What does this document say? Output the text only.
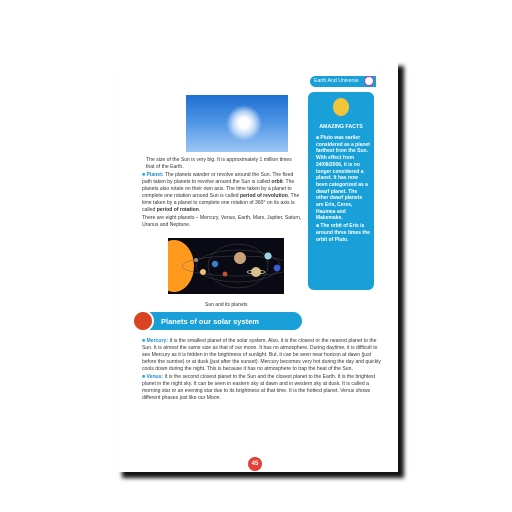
Earth And Universe
The size of the Sun is very big. It is approximately 1 million times that of the Earth.

■ Planet: The planets wander or revolve around the Sun. The fixed path taken by planets to revolve around the Sun is called orbit. The planets also rotate on their own axis. The time taken by a planet to complete one rotation around Sun is called period of revolution. The time taken by a planet to complete one rotation of 360° on its axis is called period of rotation.

There are eight planets – Mercury, Venus, Earth, Mars, Jupiter, Saturn, Uranus and Neptune.

Sun and its planets
AMAZING FACTS

■ Pluto was earlier considered as a planet farthest from the Sun. With effect from 24/08/2006, it is no longer considered a planet. It has now been categorized as a dwarf planet. The other dwarf planets are Eris, Ceres, Haumea and Makemake.

■ The orbit of Eris is around three times the orbit of Pluto.

Planets of our solar system

■ Mercury: It is the smallest planet of the solar system. Also, it is the closest or the nearest planet to the Sun. It is almost the same size as that of our moon. It has no atmosphere. During daytime, it is difficult to see Mercury as it is hidden in the brightness of sunlight. But, it can be seen near horizon at dawn (just before the sunrise) or at dusk (just after the sunset). Mercury becomes very hot during the day and quickly cools down during the night. This is because it has no atmosphere to trap the heat of the Sun.

■ Venus: It is the second closest planet to the Sun and the closest planet to the Earth. It is the brightest planet in the night sky. It can be seen in eastern sky at dawn and in western sky at dusk. It is called a morning star or an evening star due to its brightness at that time. It is the hottest planet. Venus shows different phases just like our Moon.

45
